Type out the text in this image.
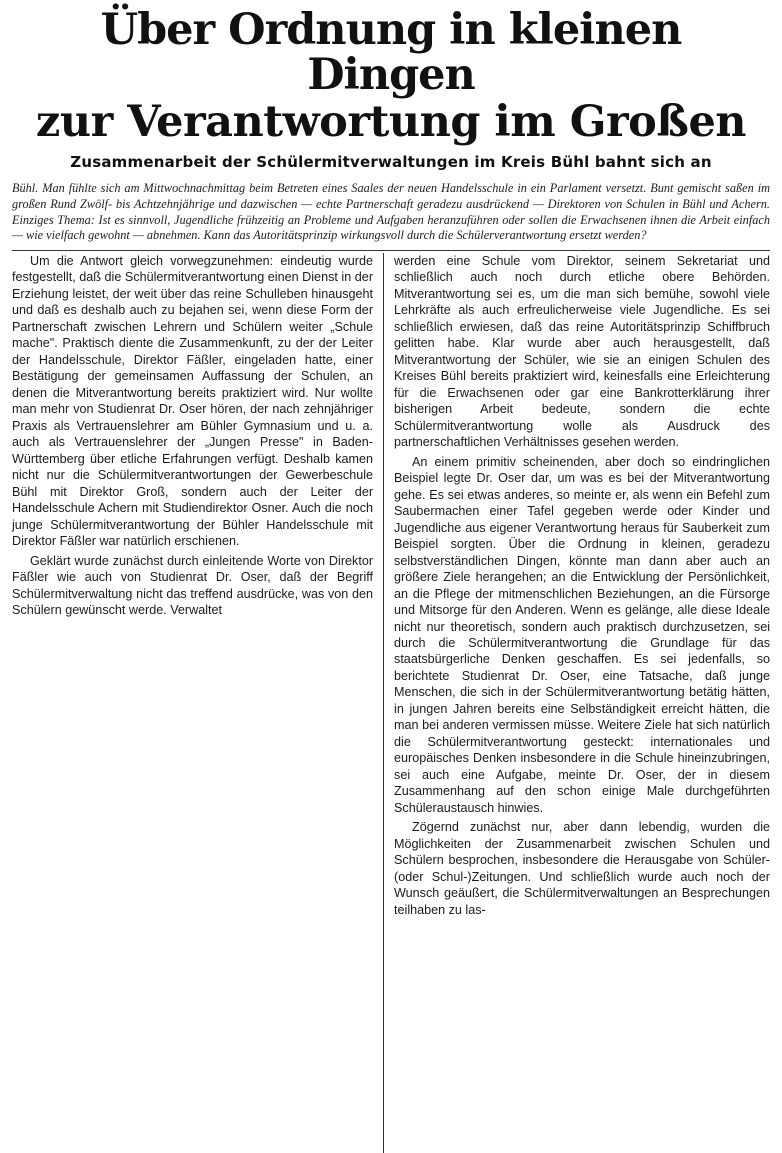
Über Ordnung in kleinen Dingen
zur Verantwortung im Großen
Zusammenarbeit der Schülermitverwaltungen im Kreis Bühl bahnt sich an

Bühl. Man fühlte sich am Mittwochnachmittag beim Betreten eines Saales der neuen Handelsschule in ein Parlament versetzt. Bunt gemischt saßen im großen Rund Zwölf- bis Achtzehnjährige und dazwischen — echte Partnerschaft geradezu ausdrückend — Direktoren von Schulen in Bühl und Achern. Einziges Thema: Ist es sinnvoll, Jugendliche frühzeitig an Probleme und Aufgaben heranzuführen oder sollen die Erwachsenen ihnen die Arbeit einfach — wie vielfach gewohnt — abnehmen. Kann das Autoritätsprinzip wirkungsvoll durch die Schülerverantwortung ersetzt werden?

Um die Antwort gleich vorwegzunehmen: eindeutig wurde festgestellt, daß die Schülermitverantwortung einen Dienst in der Erziehung leistet, der weit über das reine Schulleben hinausgeht und daß es deshalb auch zu bejahen sei, wenn diese Form der Partnerschaft zwischen Lehrern und Schülern weiter „Schule mache". Praktisch diente die Zusammenkunft, zu der der Leiter der Handelsschule, Direktor Fäßler, eingeladen hatte, einer Bestätigung der gemeinsamen Auffassung der Schulen, an denen die Mitverantwortung bereits praktiziert wird. Nur wollte man mehr von Studienrat Dr. Oser hören, der nach zehnjähriger Praxis als Vertrauenslehrer am Bühler Gymnasium und u. a. auch als Vertrauenslehrer der „Jungen Presse" in Baden-Württemberg über etliche Erfahrungen verfügt. Deshalb kamen nicht nur die Schülermitverantwortungen der Gewerbeschule Bühl mit Direktor Groß, sondern auch der Leiter der Handelsschule Achern mit Studiendirektor Osner. Auch die noch junge Schülermitverantwortung der Bühler Handelsschule mit Direktor Fäßler war natürlich erschienen.

Geklärt wurde zunächst durch einleitende Worte von Direktor Fäßler wie auch von Studienrat Dr. Oser, daß der Begriff Schülermitverwaltung nicht das treffend ausdrücke, was von den Schülern gewünscht werde. Verwaltet

werden eine Schule vom Direktor, seinem Sekretariat und schließlich auch noch durch etliche obere Behörden. Mitverantwortung sei es, um die man sich bemühe, sowohl viele Lehrkräfte als auch erfreulicherweise viele Jugendliche. Es sei schließlich erwiesen, daß das reine Autoritätsprinzip Schiffbruch gelitten habe. Klar wurde aber auch herausgestellt, daß Mitverantwortung der Schüler, wie sie an einigen Schulen des Kreises Bühl bereits praktiziert wird, keinesfalls eine Erleichterung für die Erwachsenen oder gar eine Bankrotterklärung ihrer bisherigen Arbeit bedeute, sondern die echte Schülermitverantwortung wolle als Ausdruck des partnerschaftlichen Verhältnisses gesehen werden.

An einem primitiv scheinenden, aber doch so eindringlichen Beispiel legte Dr. Oser dar, um was es bei der Mitverantwortung gehe. Es sei etwas anderes, so meinte er, als wenn ein Befehl zum Saubermachen einer Tafel gegeben werde oder Kinder und Jugendliche aus eigener Verantwortung heraus für Sauberkeit zum Beispiel sorgten. Über die Ordnung in kleinen, geradezu selbstverständlichen Dingen, könnte man dann aber auch an größere Ziele herangehen; an die Entwicklung der Persönlichkeit, an die Pflege der mitmenschlichen Beziehungen, an die Fürsorge und Mitsorge für den Anderen. Wenn es gelänge, alle diese Ideale nicht nur theoretisch, sondern auch praktisch durchzusetzen, sei durch die Schülermitverantwortung die Grundlage für das staatsbürgerliche Denken geschaffen. Es sei jedenfalls, so berichtete Studienrat Dr. Oser, eine Tatsache, daß junge Menschen, die sich in der Schülermitverantwortung betätig hätten, in jungen Jahren bereits eine Selbständigkeit erreicht hätten, die man bei anderen vermissen müsse. Weitere Ziele hat sich natürlich die Schülermitverantwortung gesteckt: internationales und europäisches Denken insbesondere in die Schule hineinzubringen, sei auch eine Aufgabe, meinte Dr. Oser, der in diesem Zusammenhang auf den schon einige Male durchgeführten Schüleraustausch hinwies.

Zögernd zunächst nur, aber dann lebendig, wurden die Möglichkeiten der Zusammenarbeit zwischen Schulen und Schülern besprochen, insbesondere die Herausgabe von Schüler- (oder Schul-)Zeitungen. Und schließlich wurde auch noch der Wunsch geäußert, die Schülermitverwaltungen an Besprechungen teilhaben zu las-
